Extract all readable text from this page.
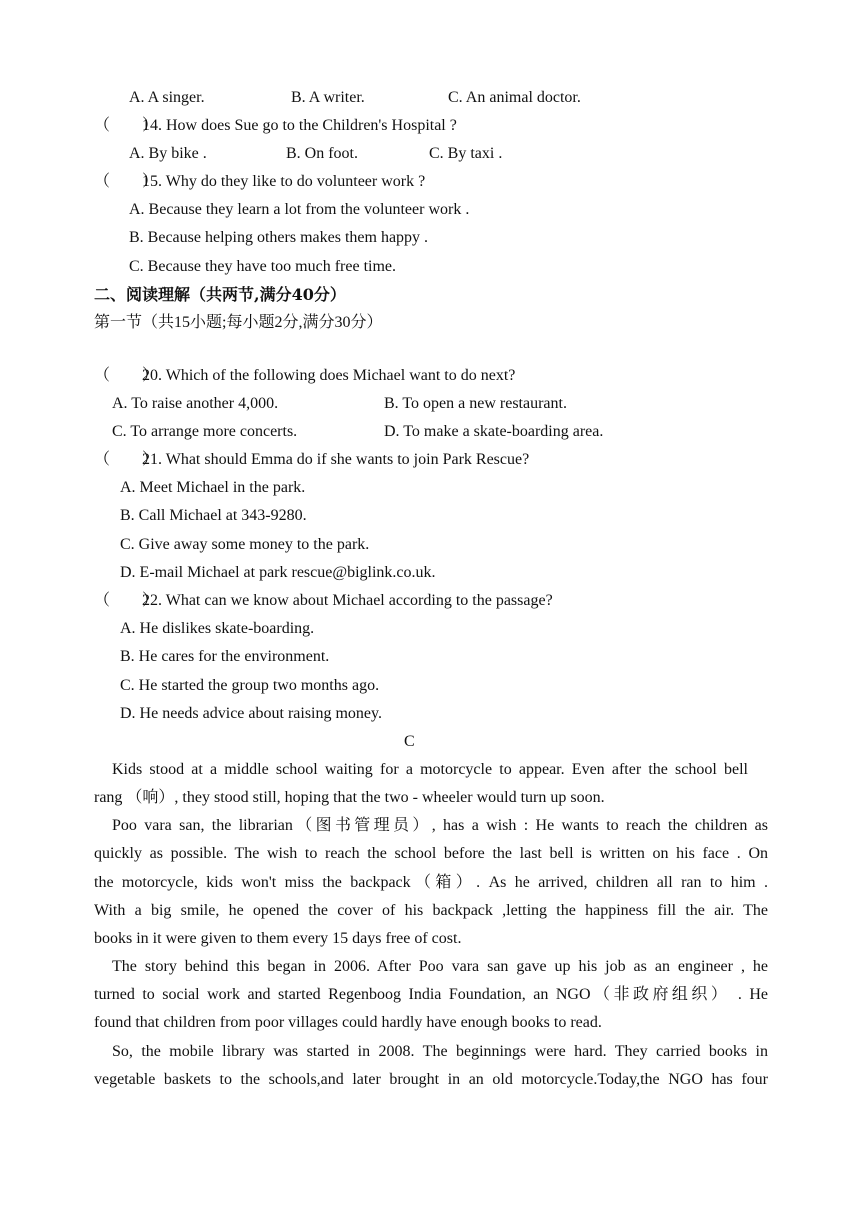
A. A singer.	B. A writer.	C. An animal doctor.
（　　）14. How does Sue go to the Children's Hospital ?
A. By bike .	B. On foot.	C. By taxi .
（　　）15. Why do they like to do volunteer work ?
A. Because they learn a lot from the volunteer work .
B. Because helping others makes them happy .
C. Because they have too much free time.
二、阅读理解（共两节,满分40分）
第一节（共15小题;每小题2分,满分30分）
（　　）20. Which of the following does Michael want to do next?
A. To raise another 4,000.	B. To open a new restaurant.
C. To arrange more concerts.	D. To make a skate-boarding area.
（　　）21. What should Emma do if she wants to join Park Rescue?
A. Meet Michael in the park.
B. Call Michael at 343-9280.
C. Give away some money to the park.
D. E-mail Michael at park rescue@biglink.co.uk.
（　　）22. What can we know about Michael according to the passage?
A. He dislikes skate-boarding.
B. He cares for the environment.
C. He started the group two months ago.
D. He needs advice about raising money.
C
Kids stood at a middle school waiting for a motorcycle to appear. Even after the school bell
rang （响）, they stood still, hoping that the two - wheeler would turn up soon.
Poo vara san, the librarian（图书管理员）, has a wish : He wants to reach the children as
quickly as possible. The wish to reach the school before the last bell is written on his face . On
the motorcycle, kids won't miss the backpack（箱）. As he arrived, children all ran to him .
With a big smile, he opened the cover of his backpack ,letting the happiness fill the air. The
books in it were given to them every 15 days free of cost.
The story behind this began in 2006. After Poo vara san gave up his job as an engineer , he
turned to social work and started Regenboog India Foundation, an NGO（非政府组织） . He
found that children from poor villages could hardly have enough books to read.
So, the mobile library was started in 2008. The beginnings were hard. They carried books in
vegetable baskets to the schools,and later brought in an old motorcycle.Today,the NGO has four
